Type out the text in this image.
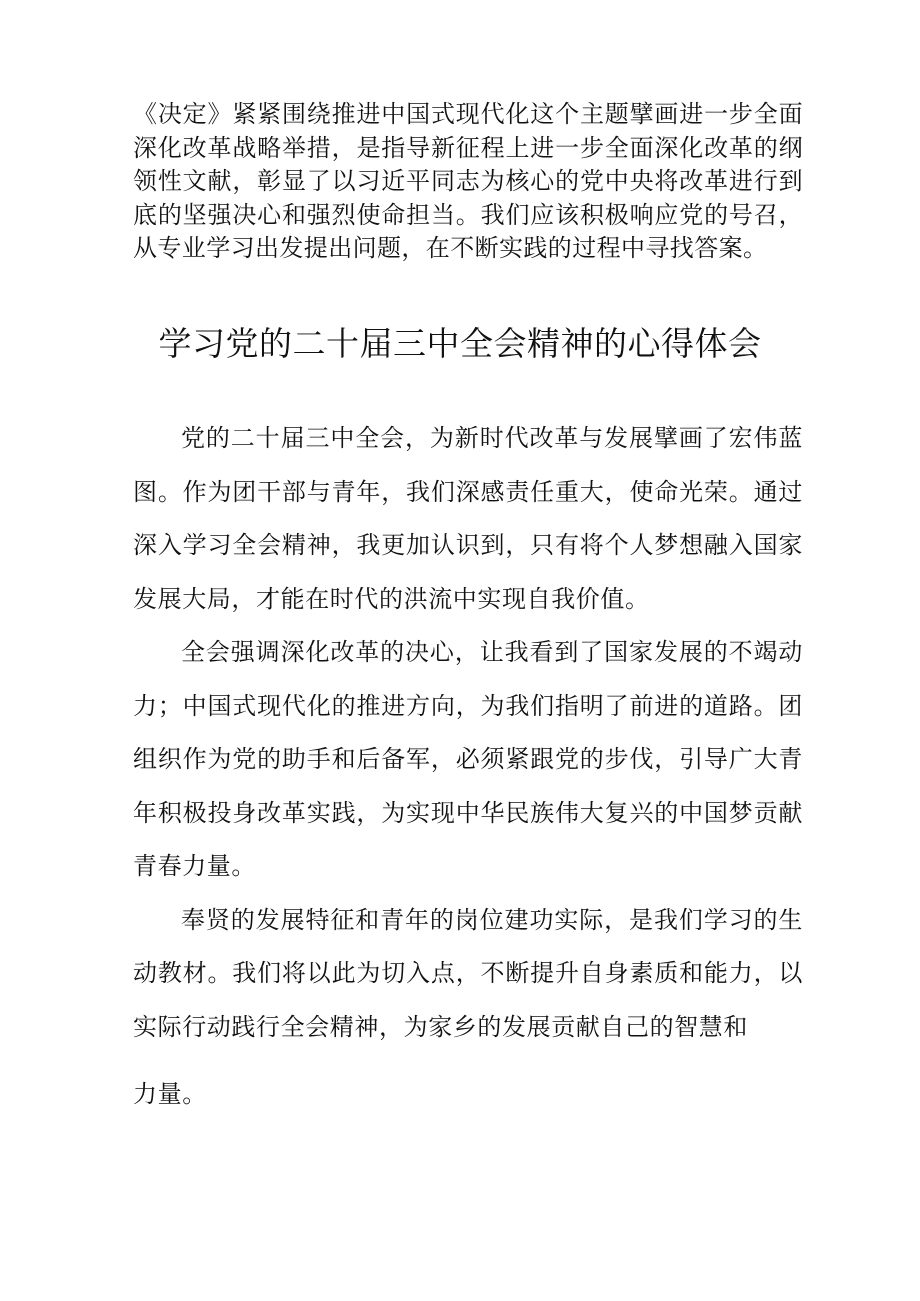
《决定》紧紧围绕推进中国式现代化这个主题擘画进一步全面深化改革战略举措，是指导新征程上进一步全面深化改革的纲领性文献，彰显了以习近平同志为核心的党中央将改革进行到底的坚强决心和强烈使命担当。我们应该积极响应党的号召，从专业学习出发提出问题，在不断实践的过程中寻找答案。

学习党的二十届三中全会精神的心得体会

党的二十届三中全会，为新时代改革与发展擘画了宏伟蓝图。作为团干部与青年，我们深感责任重大，使命光荣。通过深入学习全会精神，我更加认识到，只有将个人梦想融入国家发展大局，才能在时代的洪流中实现自我价值。

全会强调深化改革的决心，让我看到了国家发展的不竭动力；中国式现代化的推进方向，为我们指明了前进的道路。团组织作为党的助手和后备军，必须紧跟党的步伐，引导广大青年积极投身改革实践，为实现中华民族伟大复兴的中国梦贡献青春力量。

奉贤的发展特征和青年的岗位建功实际，是我们学习的生动教材。我们将以此为切入点，不断提升自身素质和能力，以实际行动践行全会精神，为家乡的发展贡献自己的智慧和

力量。
